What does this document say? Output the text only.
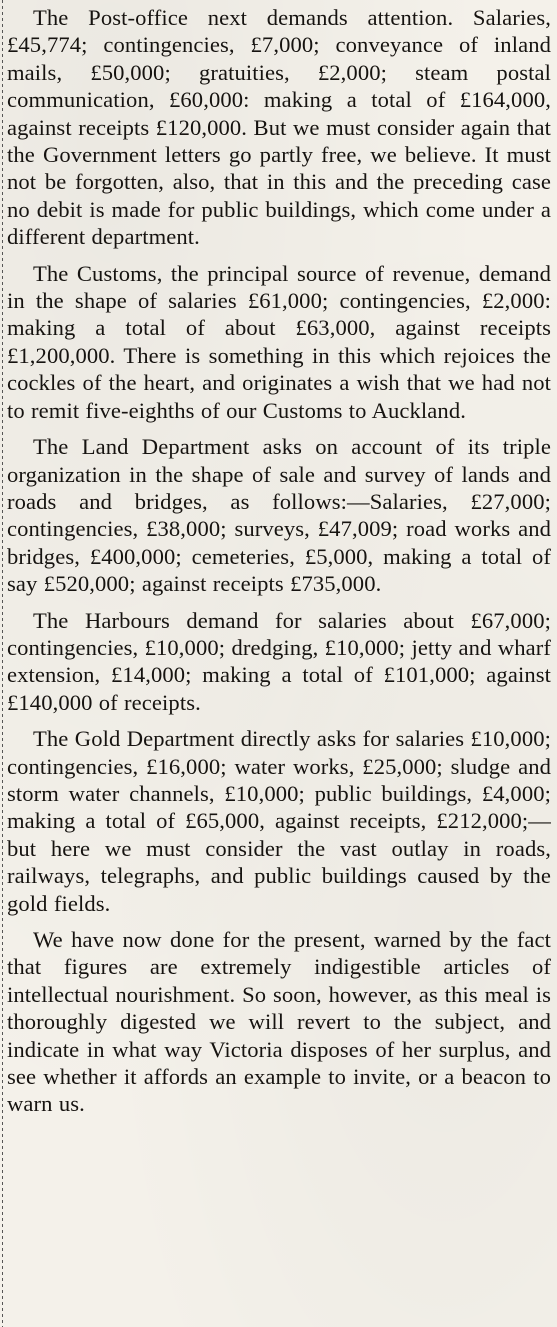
The Post-office next demands attention. Salaries, £45,774; contingencies, £7,000; conveyance of inland mails, £50,000; gratuities, £2,000; steam postal communication, £60,000: making a total of £164,000, against receipts £120,000. But we must consider again that the Government letters go partly free, we believe. It must not be forgotten, also, that in this and the preceding case no debit is made for public buildings, which come under a different department.

The Customs, the principal source of revenue, demand in the shape of salaries £61,000; contingencies, £2,000: making a total of about £63,000, against receipts £1,200,000. There is something in this which rejoices the cockles of the heart, and originates a wish that we had not to remit five-eighths of our Customs to Auckland.

The Land Department asks on account of its triple organization in the shape of sale and survey of lands and roads and bridges, as follows:—Salaries, £27,000; contingencies, £38,000; surveys, £47,009; road works and bridges, £400,000; cemeteries, £5,000, making a total of say £520,000; against receipts £735,000.

The Harbours demand for salaries about £67,000; contingencies, £10,000; dredging, £10,000; jetty and wharf extension, £14,000; making a total of £101,000; against £140,000 of receipts.

The Gold Department directly asks for salaries £10,000; contingencies, £16,000; water works, £25,000; sludge and storm water channels, £10,000; public buildings, £4,000; making a total of £65,000, against receipts, £212,000;—but here we must consider the vast outlay in roads, railways, telegraphs, and public buildings caused by the gold fields.

We have now done for the present, warned by the fact that figures are extremely indigestible articles of intellectual nourishment. So soon, however, as this meal is thoroughly digested we will revert to the subject, and indicate in what way Victoria disposes of her surplus, and see whether it affords an example to invite, or a beacon to warn us.
